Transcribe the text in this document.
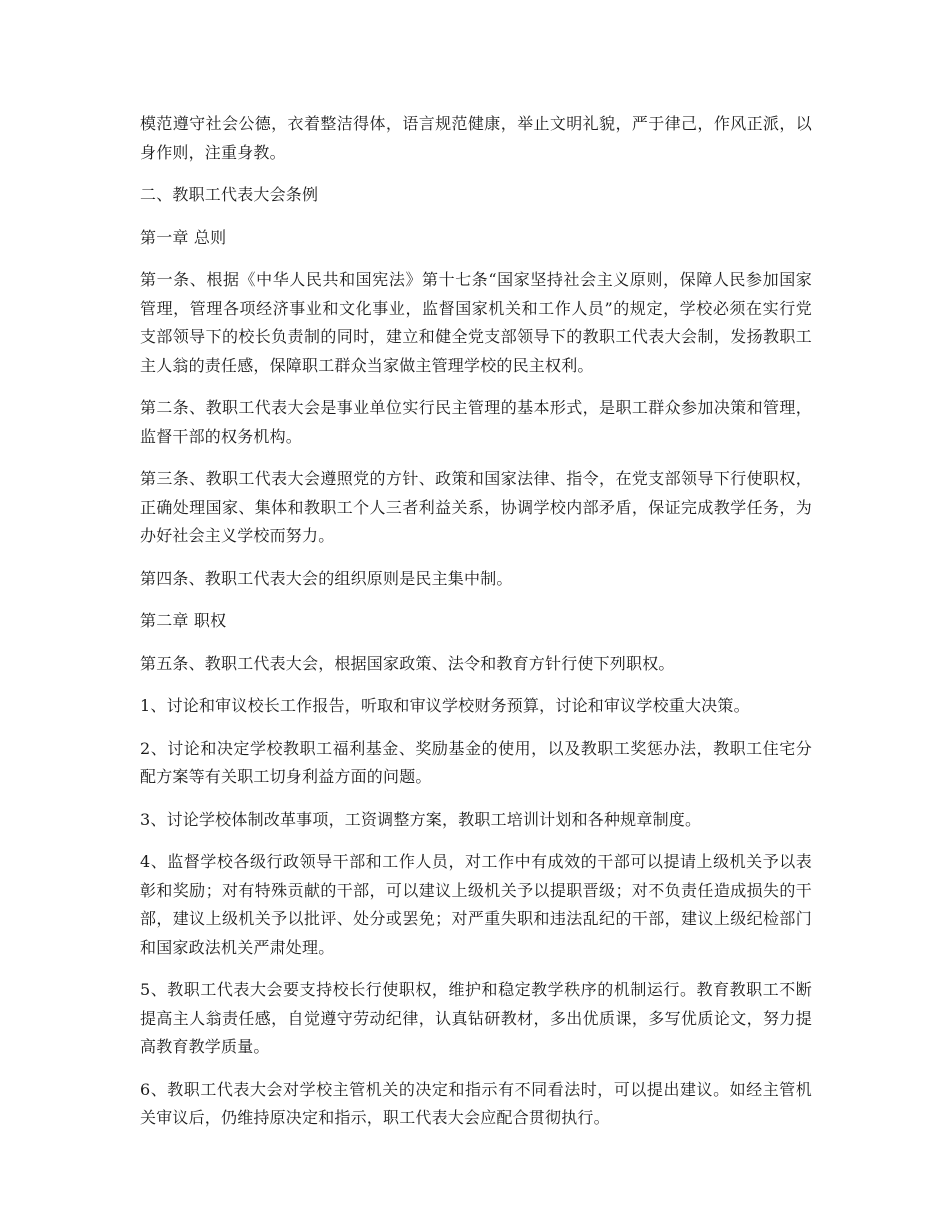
模范遵守社会公德，衣着整洁得体，语言规范健康，举止文明礼貌，严于律己，作风正派，以身作则，注重身教。

二、教职工代表大会条例

第一章 总则

第一条、根据《中华人民共和国宪法》第十七条“国家坚持社会主义原则，保障人民参加国家管理，管理各项经济事业和文化事业，监督国家机关和工作人员”的规定，学校必须在实行党支部领导下的校长负责制的同时，建立和健全党支部领导下的教职工代表大会制，发扬教职工主人翁的责任感，保障职工群众当家做主管理学校的民主权利。

第二条、教职工代表大会是事业单位实行民主管理的基本形式，是职工群众参加决策和管理，监督干部的权务机构。

第三条、教职工代表大会遵照党的方针、政策和国家法律、指令，在党支部领导下行使职权，正确处理国家、集体和教职工个人三者利益关系，协调学校内部矛盾，保证完成教学任务，为办好社会主义学校而努力。

第四条、教职工代表大会的组织原则是民主集中制。

第二章 职权

第五条、教职工代表大会，根据国家政策、法令和教育方针行使下列职权。

1、讨论和审议校长工作报告，听取和审议学校财务预算，讨论和审议学校重大决策。

2、讨论和决定学校教职工福利基金、奖励基金的使用，以及教职工奖惩办法，教职工住宅分配方案等有关职工切身利益方面的问题。

3、讨论学校体制改革事项，工资调整方案，教职工培训计划和各种规章制度。

4、监督学校各级行政领导干部和工作人员，对工作中有成效的干部可以提请上级机关予以表彰和奖励；对有特殊贡献的干部，可以建议上级机关予以提职晋级；对不负责任造成损失的干部，建议上级机关予以批评、处分或罢免；对严重失职和违法乱纪的干部，建议上级纪检部门和国家政法机关严肃处理。

5、教职工代表大会要支持校长行使职权，维护和稳定教学秩序的机制运行。教育教职工不断提高主人翁责任感，自觉遵守劳动纪律，认真钻研教材，多出优质课，多写优质论文，努力提高教育教学质量。

6、教职工代表大会对学校主管机关的决定和指示有不同看法时，可以提出建议。如经主管机关审议后，仍维持原决定和指示，职工代表大会应配合贯彻执行。
